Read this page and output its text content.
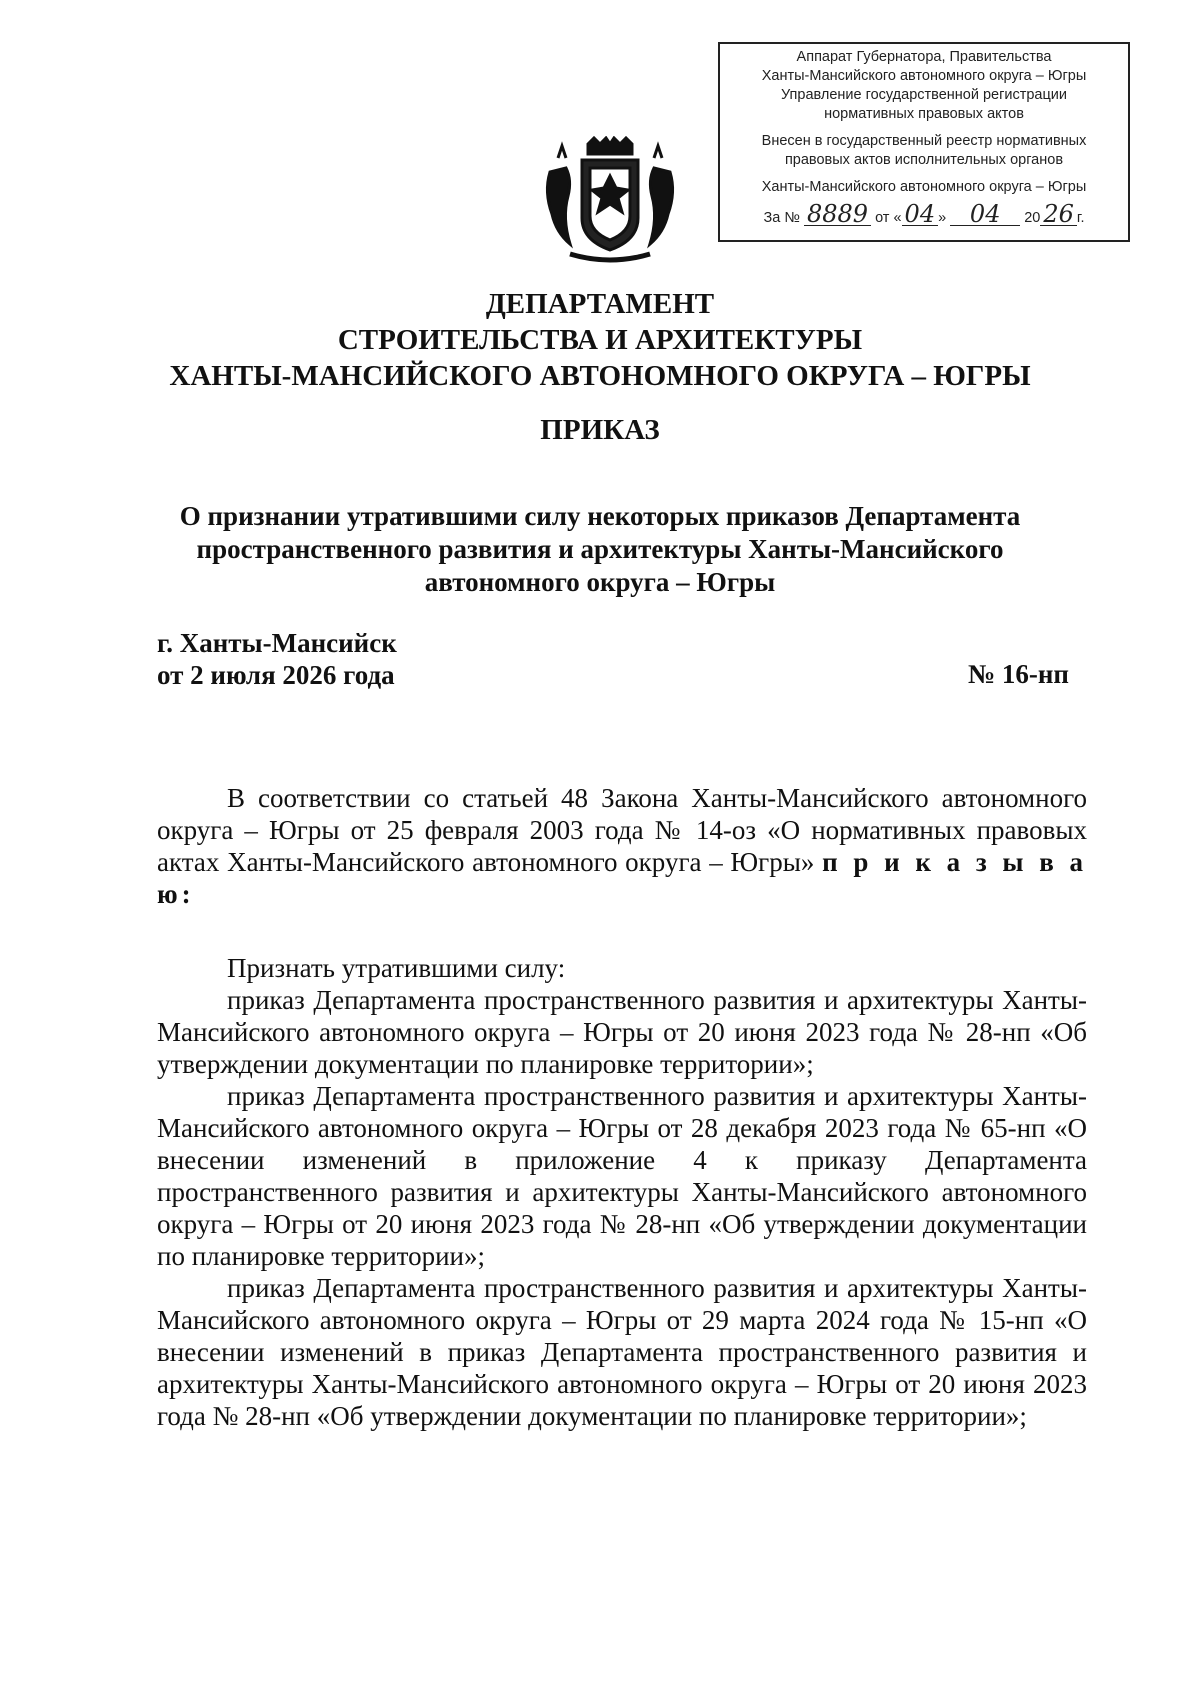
Аппарат Губернатора, Правительства
Ханты-Мансийского автономного округа – Югры
Управление государственной регистрации
нормативных правовых актов
Внесен в государственный реестр нормативных
правовых актов исполнительных органов
Ханты-Мансийского автономного округа – Югры
За № 8889 от « 04 » 04 20 26 г.
ДЕПАРТАМЕНТ
СТРОИТЕЛЬСТВА И АРХИТЕКТУРЫ
ХАНТЫ-МАНСИЙСКОГО АВТОНОМНОГО ОКРУГА – ЮГРЫ
ПРИКАЗ
О признании утратившими силу некоторых приказов Департамента
пространственного развития и архитектуры Ханты-Мансийского
автономного округа – Югры
г. Ханты-Мансийск
от 2 июля 2026 года	№ 16-нп

В соответствии со статьей 48 Закона Ханты-Мансийского автономного округа – Югры от 25 февраля 2003 года № 14-оз «О нормативных правовых актах Ханты-Мансийского автономного округа – Югры» п р и к а з ы в а ю:

Признать утратившими силу:

приказ Департамента пространственного развития и архитектуры Ханты-Мансийского автономного округа – Югры от 20 июня 2023 года № 28-нп «Об утверждении документации по планировке территории»;

приказ Департамента пространственного развития и архитектуры Ханты-Мансийского автономного округа – Югры от 28 декабря 2023 года № 65-нп «О внесении изменений в приложение 4 к приказу Департамента пространственного развития и архитектуры Ханты-Мансийского автономного округа – Югры от 20 июня 2023 года № 28-нп «Об утверждении документации по планировке территории»;

приказ Департамента пространственного развития и архитектуры Ханты-Мансийского автономного округа – Югры от 29 марта 2024 года № 15-нп «О внесении изменений в приказ Департамента пространственного развития и архитектуры Ханты-Мансийского автономного округа – Югры от 20 июня 2023 года № 28-нп «Об утверждении документации по планировке территории»;
